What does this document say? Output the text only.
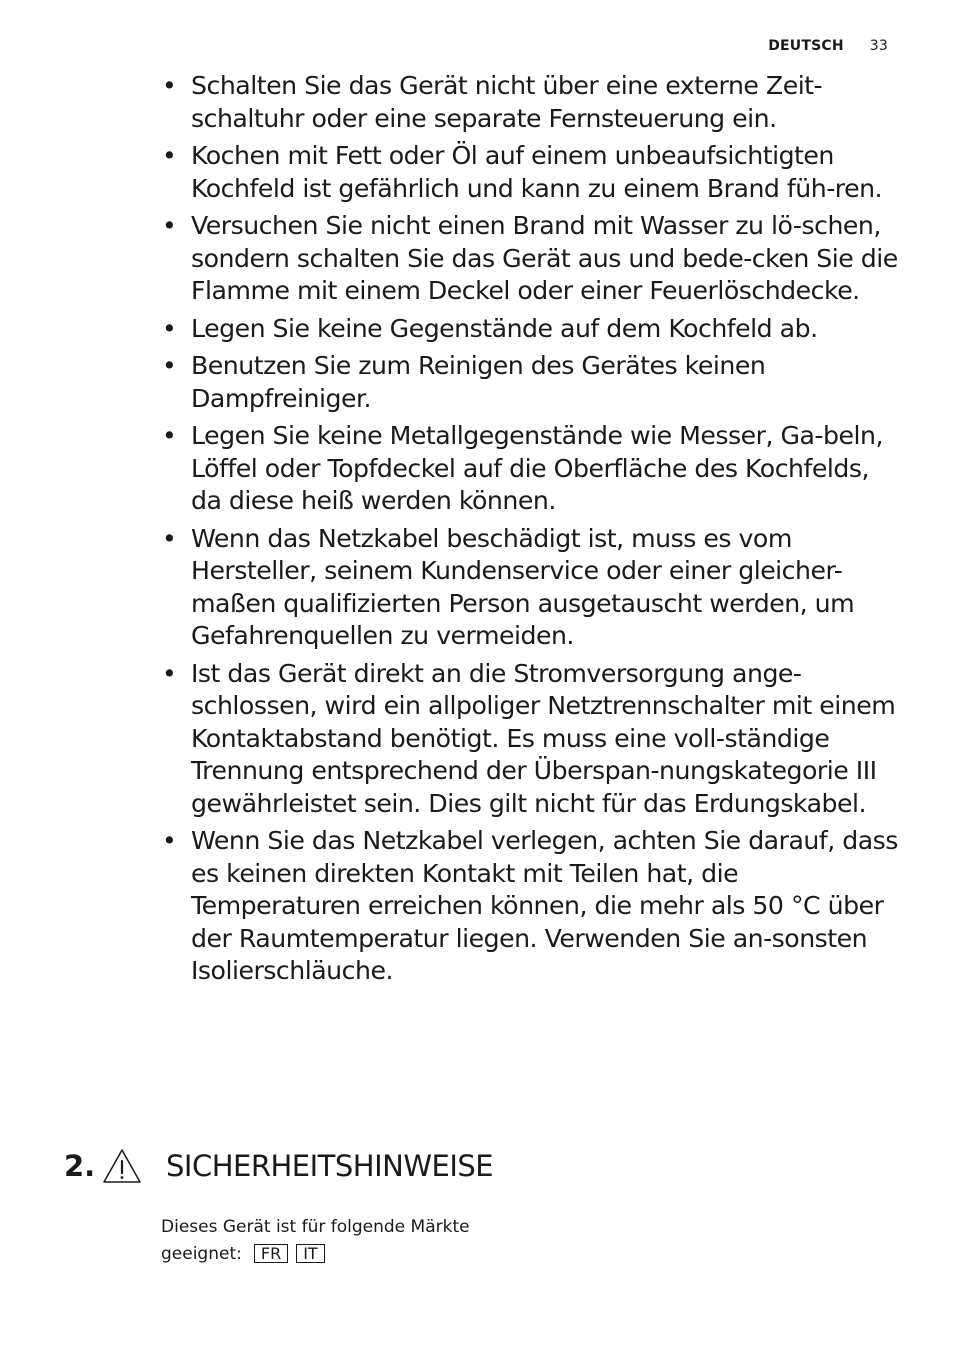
DEUTSCH 33
• Schalten Sie das Gerät nicht über eine externe Zeit-schaltuhr oder eine separate Fernsteuerung ein.
• Kochen mit Fett oder Öl auf einem unbeaufsichtigten Kochfeld ist gefährlich und kann zu einem Brand füh-ren.
• Versuchen Sie nicht einen Brand mit Wasser zu lö-schen, sondern schalten Sie das Gerät aus und bede-cken Sie die Flamme mit einem Deckel oder einer Feuerlöschdecke.
• Legen Sie keine Gegenstände auf dem Kochfeld ab.
• Benutzen Sie zum Reinigen des Gerätes keinen Dampfreiniger.
• Legen Sie keine Metallgegenstände wie Messer, Ga-beln, Löffel oder Topfdeckel auf die Oberfläche des Kochfelds, da diese heiß werden können.
• Wenn das Netzkabel beschädigt ist, muss es vom Hersteller, seinem Kundenservice oder einer gleicher-maßen qualifizierten Person ausgetauscht werden, um Gefahrenquellen zu vermeiden.
• Ist das Gerät direkt an die Stromversorgung ange-schlossen, wird ein allpoliger Netztrennschalter mit einem Kontaktabstand benötigt. Es muss eine voll-ständige Trennung entsprechend der Überspan-nungskategorie III gewährleistet sein. Dies gilt nicht für das Erdungskabel.
• Wenn Sie das Netzkabel verlegen, achten Sie darauf, dass es keinen direkten Kontakt mit Teilen hat, die Temperaturen erreichen können, die mehr als 50 °C über der Raumtemperatur liegen. Verwenden Sie an-sonsten Isolierschläuche.
2. SICHERHEITSHINWEISE
Dieses Gerät ist für folgende Märkte
geeignet: FR IT
